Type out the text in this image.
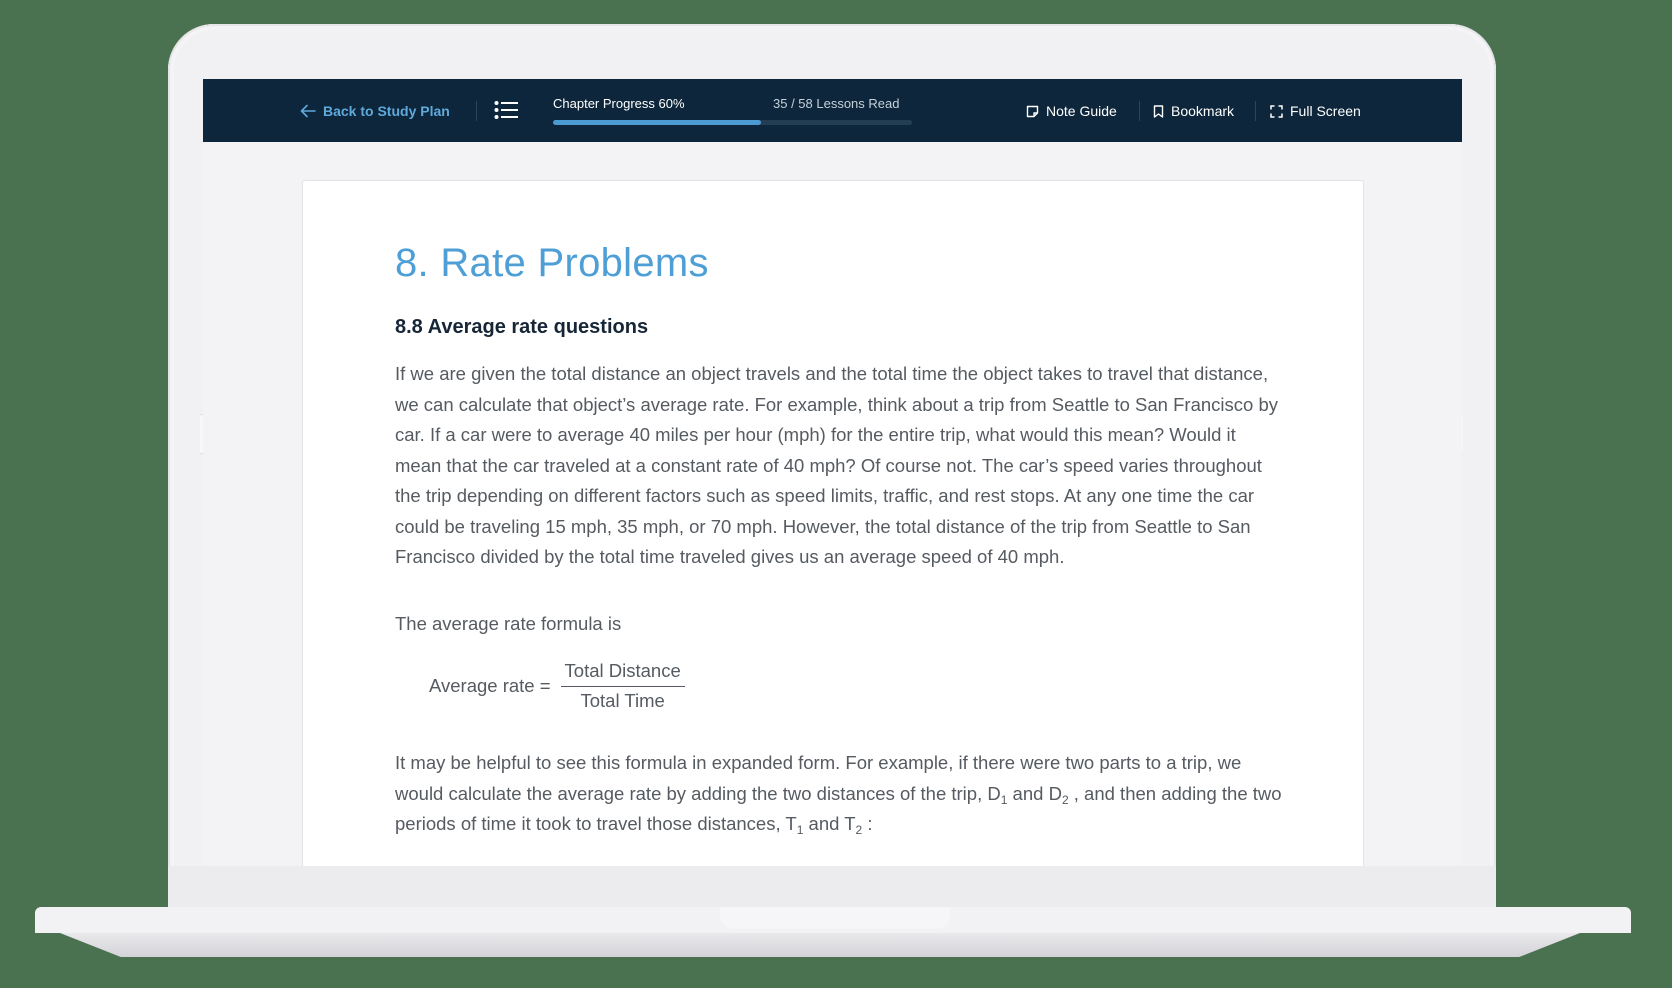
Back to Study Plan	Chapter Progress 60%	35 / 58 Lessons Read	Note Guide	Bookmark	Full Screen
8. Rate Problems
8.8 Average rate questions

If we are given the total distance an object travels and the total time the object takes to travel that distance, we can calculate that object’s average rate. For example, think about a trip from Seattle to San Francisco by car. If a car were to average 40 miles per hour (mph) for the entire trip, what would this mean? Would it mean that the car traveled at a constant rate of 40 mph? Of course not. The car’s speed varies throughout the trip depending on different factors such as speed limits, traffic, and rest stops. At any one time the car could be traveling 15 mph, 35 mph, or 70 mph. However, the total distance of the trip from Seattle to San Francisco divided by the total time traveled gives us an average speed of 40 mph.

The average rate formula is

Average rate = $\frac{\text{Total Distance}}{\text{Total Time}}$

It may be helpful to see this formula in expanded form. For example, if there were two parts to a trip, we would calculate the average rate by adding the two distances of the trip, $D_1$ and $D_2$ , and then adding the two periods of time it took to travel those distances, $T_1$ and $T_2$ :
